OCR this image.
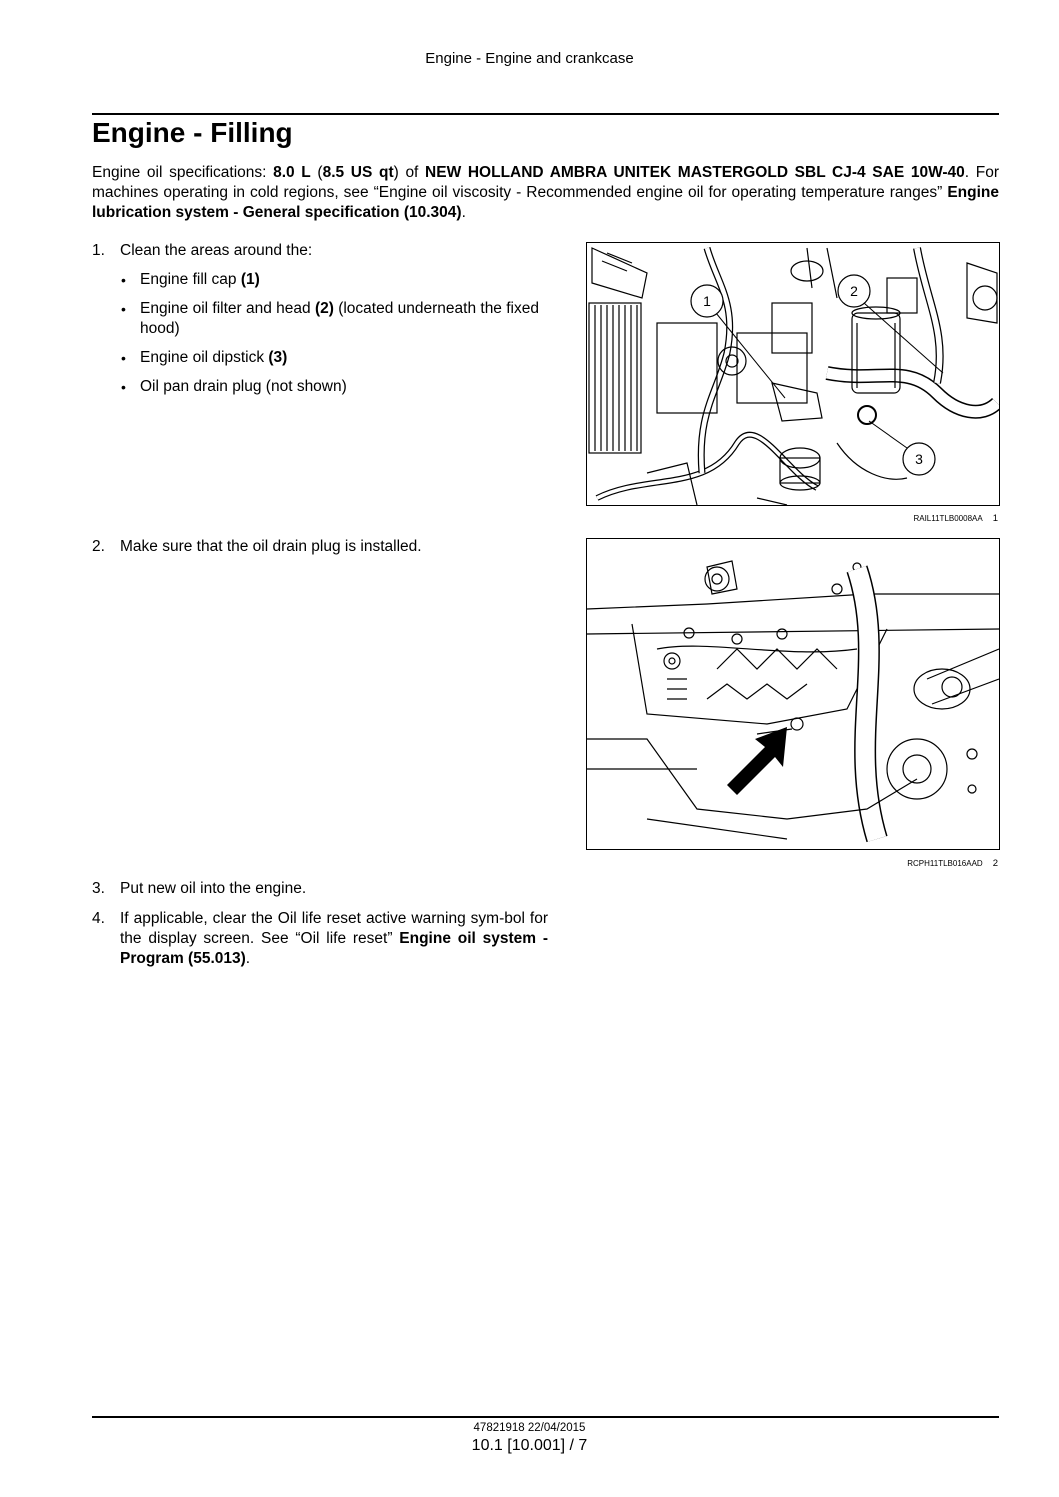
Engine - Engine and crankcase
Engine - Filling
Engine oil specifications: 8.0 L (8.5 US qt) of NEW HOLLAND AMBRA UNITEK MASTERGOLD SBL CJ-4 SAE 10W-40. For machines operating in cold regions, see “Engine oil viscosity - Recommended engine oil for operating temperature ranges” Engine lubrication system - General specification (10.304).
1. Clean the areas around the:
• Engine fill cap (1)
• Engine oil filter and head (2) (located underneath the fixed hood)
• Engine oil dipstick (3)
• Oil pan drain plug (not shown)
2. Make sure that the oil drain plug is installed.
3. Put new oil into the engine.
4. If applicable, clear the Oil life reset active warning sym-bol for the display screen. See “Oil life reset” Engine oil system - Program (55.013).
1
2
3
RAIL11TLB0008AA 1
RCPH11TLB016AAD 2
47821918 22/04/2015
10.1 [10.001] / 7
